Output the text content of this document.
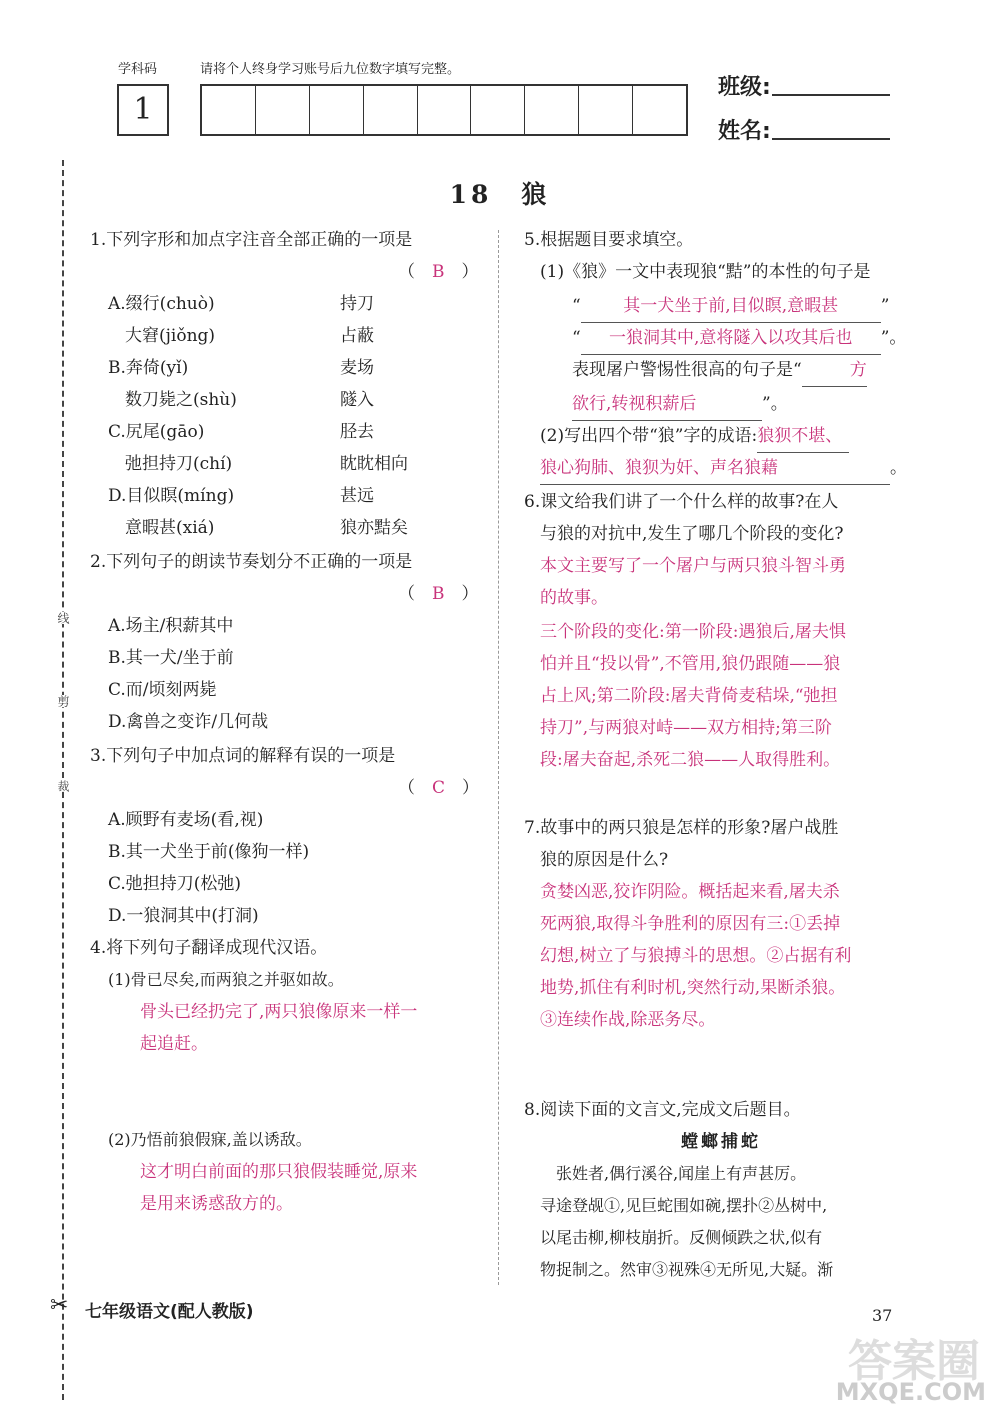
学科码	请将个人终身学习账号后九位数字填写完整。
1
班级:
姓名:
18　狼
线
剪
裁
✂
1.下列字形和加点字注音全部正确的一项是
（　B　）
A.缀行(chuò)	持刀
　大窘(jiǒng)	占蔽
B.奔倚(yǐ)	麦场
　数刀毙之(shù)	隧入
C.尻尾(gāo)	胫去
　弛担持刀(chí)	眈眈相向
D.目似瞑(míng)	甚远
　意暇甚(xiá)	狼亦黠矣
2.下列句子的朗读节奏划分不正确的一项是
（　B　）
A.场主/积薪其中
B.其一犬/坐于前
C.而/顷刻两毙
D.禽兽之变诈/几何哉
3.下列句子中加点词的解释有误的一项是
（　C　）
A.顾野有麦场(看,视)
B.其一犬坐于前(像狗一样)
C.弛担持刀(松弛)
D.一狼洞其中(打洞)
4.将下列句子翻译成现代汉语。
(1)骨已尽矣,而两狼之并驱如故。
骨头已经扔完了,两只狼像原来一样一
起追赶。
(2)乃悟前狼假寐,盖以诱敌。
这才明白前面的那只狼假装睡觉,原来
是用来诱惑敌方的。
5.根据题目要求填空。
(1)《狼》一文中表现狼“黠”的本性的句子是
“	其一犬坐于前,目似瞑,意暇甚	”
“ 一狼洞其中,意将隧入以攻其后也 ”。
表现屠户警惕性很高的句子是“	方
欲行,转视积薪后	”。
(2)写出四个带“狼”字的成语:狼狈不堪、
狼心狗肺、狼狈为奸、声名狼藉	。
6.课文给我们讲了一个什么样的故事?在人
与狼的对抗中,发生了哪几个阶段的变化?
本文主要写了一个屠户与两只狼斗智斗勇
的故事。
三个阶段的变化:第一阶段:遇狼后,屠夫惧
怕并且“投以骨”,不管用,狼仍跟随——狼
占上风;第二阶段:屠夫背倚麦秸垛,“弛担
持刀”,与两狼对峙——双方相持;第三阶
段:屠夫奋起,杀死二狼——人取得胜利。
7.故事中的两只狼是怎样的形象?屠户战胜
狼的原因是什么?
贪婪凶恶,狡诈阴险。概括起来看,屠夫杀
死两狼,取得斗争胜利的原因有三:①丢掉
幻想,树立了与狼搏斗的思想。②占据有利
地势,抓住有利时机,突然行动,果断杀狼。
③连续作战,除恶务尽。
8.阅读下面的文言文,完成文后题目。
螳螂捕蛇
　张姓者,偶行溪谷,闻崖上有声甚厉。
寻途登觇①,见巨蛇围如碗,摆扑②丛树中,
以尾击柳,柳枝崩折。反侧倾跌之状,似有
物捉制之。然审③视殊④无所见,大疑。渐
七年级语文(配人教版)	37
答案圈
MXQE.COM
